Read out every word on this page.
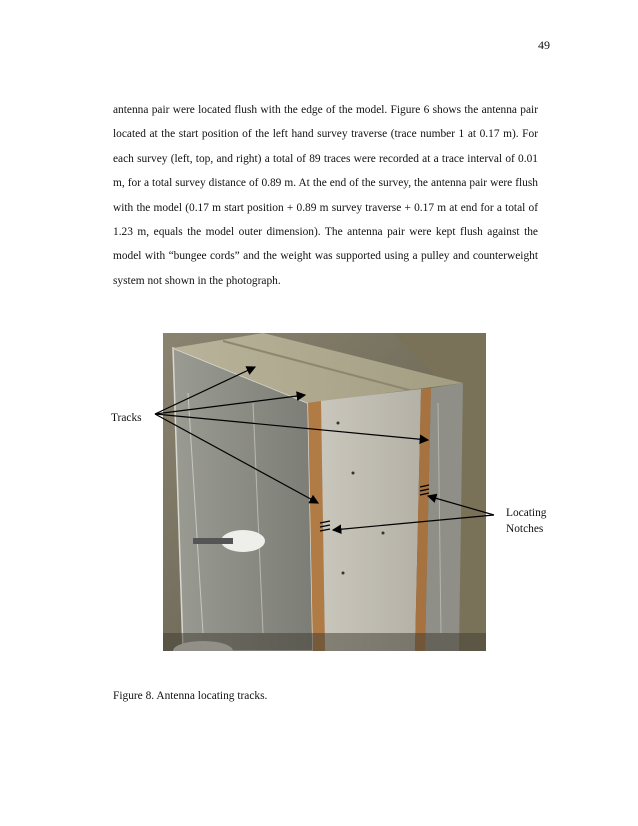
49

antenna pair were located flush with the edge of the model. Figure 6 shows the antenna pair located at the start position of the left hand survey traverse (trace number 1 at 0.17 m). For each survey (left, top, and right) a total of 89 traces were recorded at a trace interval of 0.01 m, for a total survey distance of 0.89 m. At the end of the survey, the antenna pair were flush with the model (0.17 m start position + 0.89 m survey traverse + 0.17 m at end for a total of 1.23 m, equals the model outer dimension). The antenna pair were kept flush against the model with “bungee cords” and the weight was supported using a pulley and counterweight system not shown in the photograph.

Tracks
Locating
Notches
Figure 8. Antenna locating tracks.
